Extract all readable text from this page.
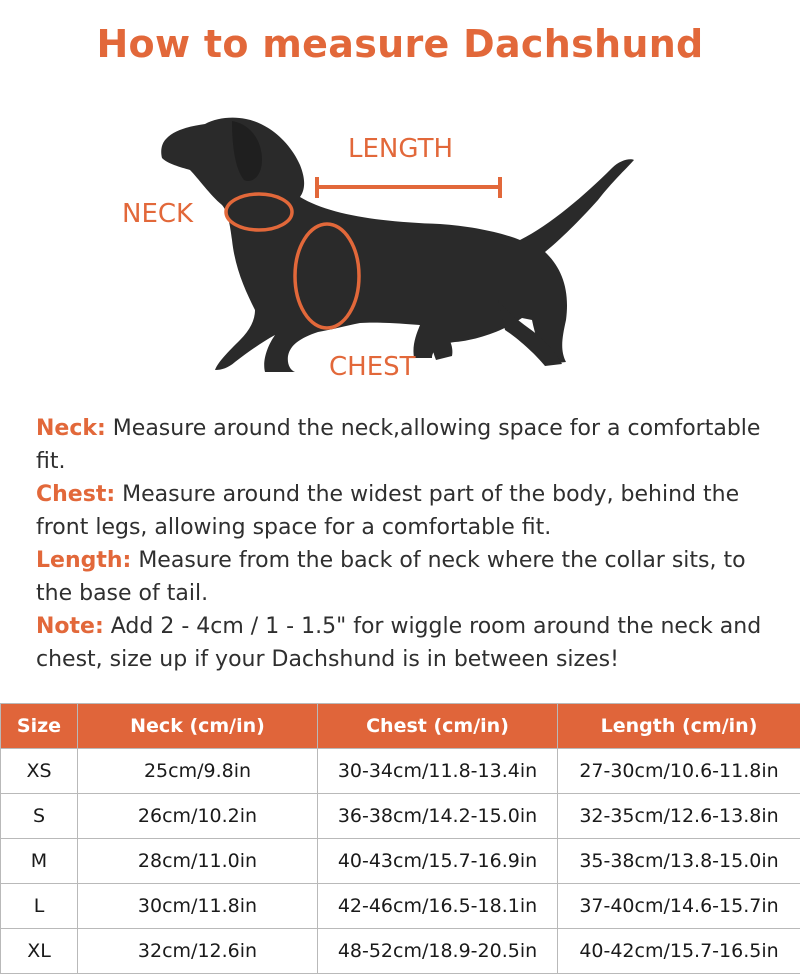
How to measure Dachshund
LENGTH
NECK
CHEST

Neck: Measure around the neck,allowing space for a comfortable fit.

Chest: Measure around the widest part of the body, behind the front legs, allowing space for a comfortable fit.

Length: Measure from the back of neck where the collar sits, to the base of tail.

Note: Add 2 - 4cm / 1 - 1.5" for wiggle room around the neck and chest, size up if your Dachshund is in between sizes!

Size	Neck (cm/in)	Chest (cm/in)	Length (cm/in)
XS	25cm/9.8in	30-34cm/11.8-13.4in	27-30cm/10.6-11.8in
S	26cm/10.2in	36-38cm/14.2-15.0in	32-35cm/12.6-13.8in
M	28cm/11.0in	40-43cm/15.7-16.9in	35-38cm/13.8-15.0in
L	30cm/11.8in	42-46cm/16.5-18.1in	37-40cm/14.6-15.7in
XL	32cm/12.6in	48-52cm/18.9-20.5in	40-42cm/15.7-16.5in
